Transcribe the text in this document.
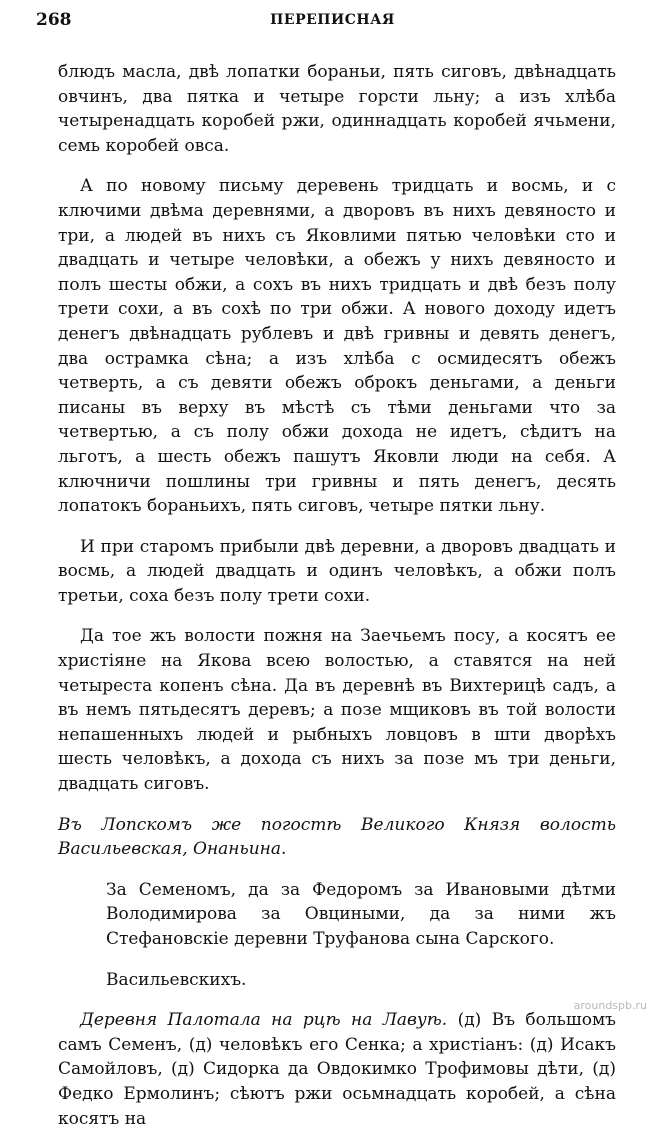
268	ПЕРЕПИСНАЯ

блюдъ масла, двѣ лопатки бораньи, пять сиговъ, двѣнадцать овчинъ, два пятка и четыре горсти льну; а изъ хлѣба четыренадцать коробей ржи, одиннадцать коробей ячьмени, семь коробей овса.

А по новому письму деревень тридцать и восмь, и с ключими двѣма деревнями, а дворовъ въ нихъ девяносто и три, а людей въ нихъ съ Яковлими пятью человѣки сто и двадцать и четыре человѣки, а обежъ у нихъ девяносто и полъ шесты обжи, а сохъ въ нихъ тридцать и двѣ безъ полу трети сохи, а въ сохѣ по три обжи. А нового доходу идетъ денегъ двѣнадцать рублевъ и двѣ гривны и девять денегъ, два острамка сѣна; а изъ хлѣба с осмидесятъ обежъ четверть, а съ девяти обежъ оброкъ деньгами, а деньги писаны въ верху въ мѣстѣ съ тѣми деньгами что за четвертью, а съ полу обжи дохода не идетъ, сѣдитъ на льготъ, а шесть обежъ пашутъ Яковли люди на себя. А ключничи пошлины три гривны и пять денегъ, десять лопатокъ бораньихъ, пять сиговъ, четыре пятки льну.

И при старомъ прибыли двѣ деревни, а дворовъ двадцать и восмь, а людей двадцать и одинъ человѣкъ, а обжи полъ третьи, соха безъ полу трети сохи.

Да тое жъ волости пожня на Заечьемъ посу, а косятъ ее христіяне на Якова всею волостью, а ставятся на ней четыреста копенъ сѣна. Да въ деревнѣ въ Вихтерицѣ садъ, а въ немъ пятьдесятъ деревъ; а позе мщиковъ въ той волости непашенныхъ людей и рыбныхъ ловцовъ в шти дворѣхъ шесть человѣкъ, а дохода съ нихъ за позе мъ три деньги, двадцать сиговъ.

Въ Лопскомъ же погостѣ Великого Князя волость Васильевская, Онаньина.

За Семеномъ, да за Федоромъ за Ивановыми дѣтми Володимирова за Овциными, да за ними жъ Стефановскіе деревни Труфанова сына Сарского.

Васильевскихъ.

Деревня Палотала на рцѣ на Лавуѣ. (д) Въ большомъ самъ Семенъ, (д) человѣкъ его Сенка; а христіанъ: (д) Исакъ Самойловъ, (д) Сидорка да Овдокимко Трофимовы дѣти, (д) Федко Ермолинъ; сѣютъ ржи осьмнадцать коробей, а сѣна косятъ на

aroundspb.ru
